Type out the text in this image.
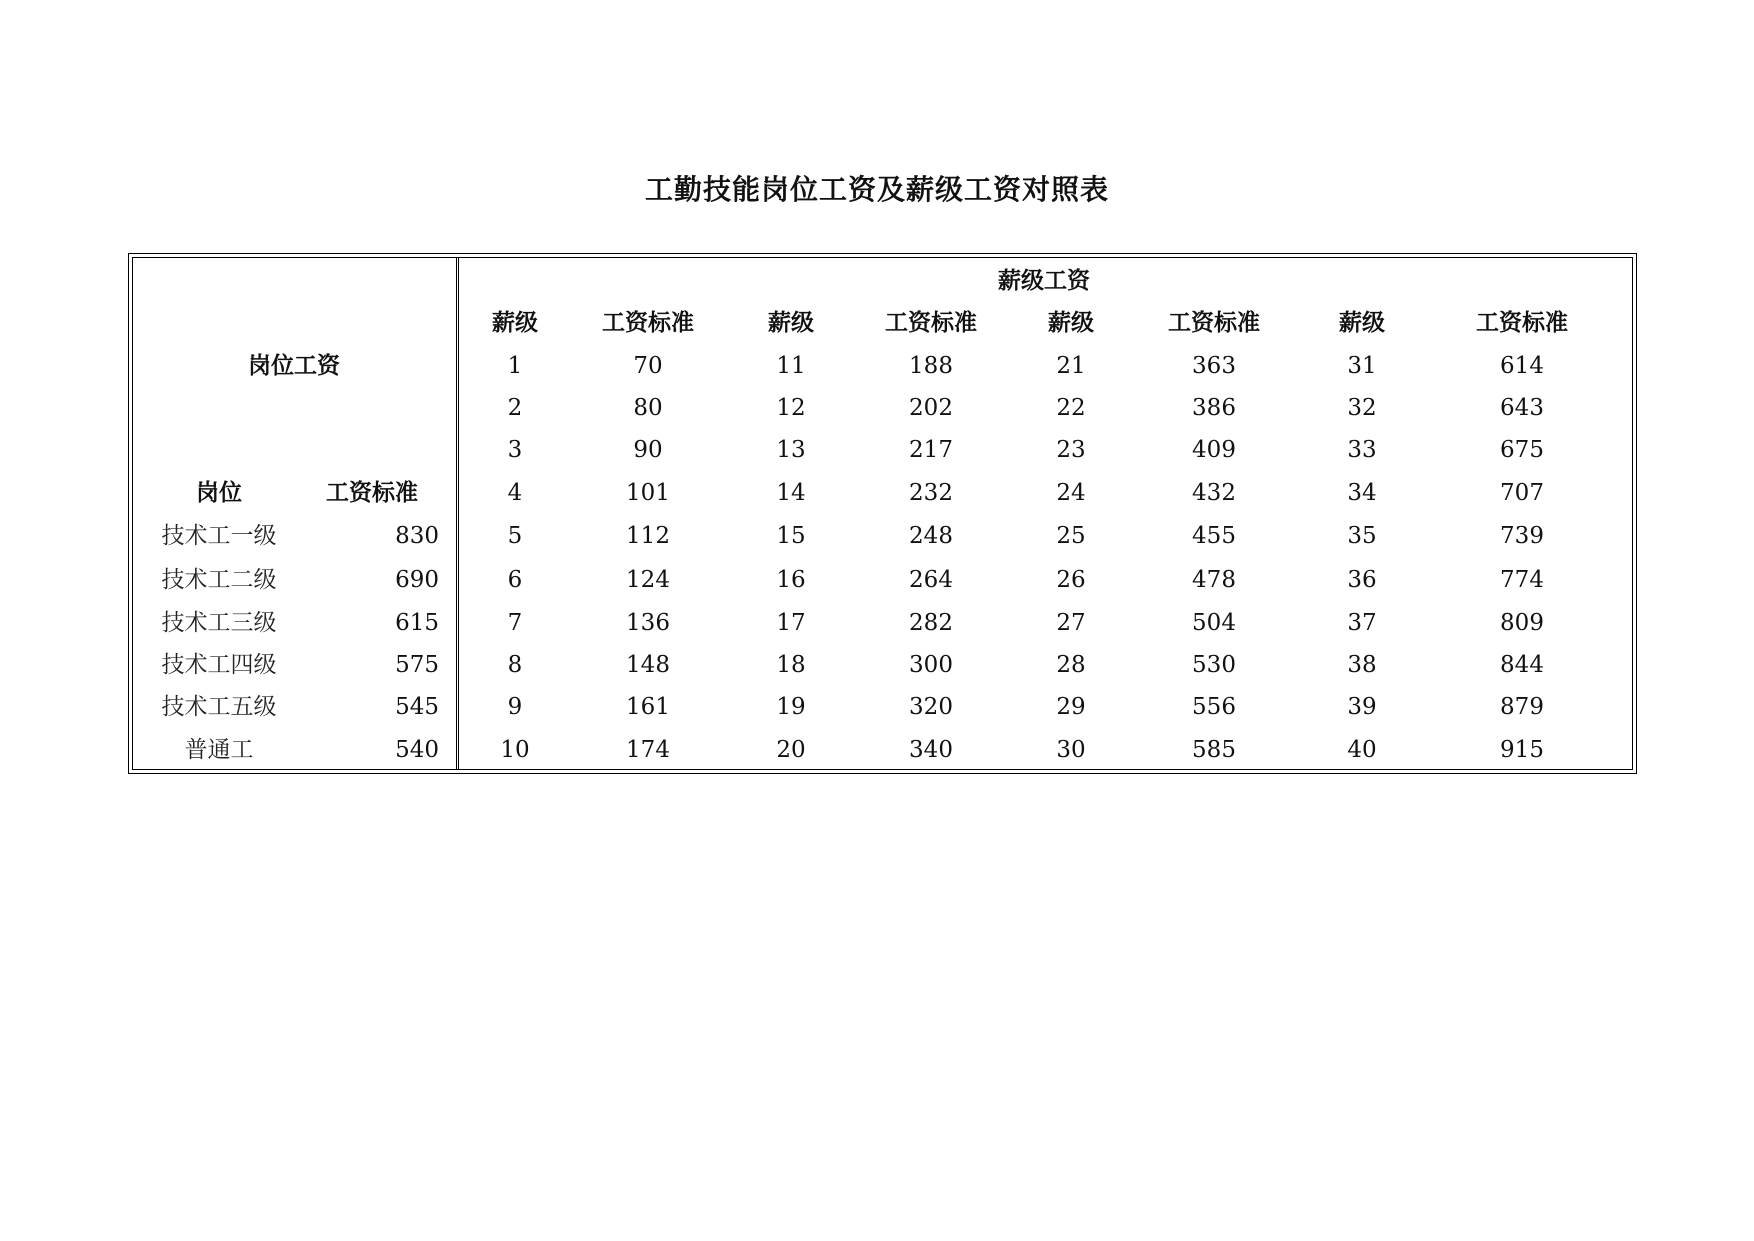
工勤技能岗位工资及薪级工资对照表
岗位工资
岗位	工资标准
技术工一级	830
技术工二级	690
技术工三级	615
技术工四级	575
技术工五级	545
普通工	540
薪级工资
薪级	工资标准	薪级	工资标准	薪级	工资标准	薪级	工资标准
1	70	11	188	21	363	31	614
2	80	12	202	22	386	32	643
3	90	13	217	23	409	33	675
4	101	14	232	24	432	34	707
5	112	15	248	25	455	35	739
6	124	16	264	26	478	36	774
7	136	17	282	27	504	37	809
8	148	18	300	28	530	38	844
9	161	19	320	29	556	39	879
10	174	20	340	30	585	40	915
